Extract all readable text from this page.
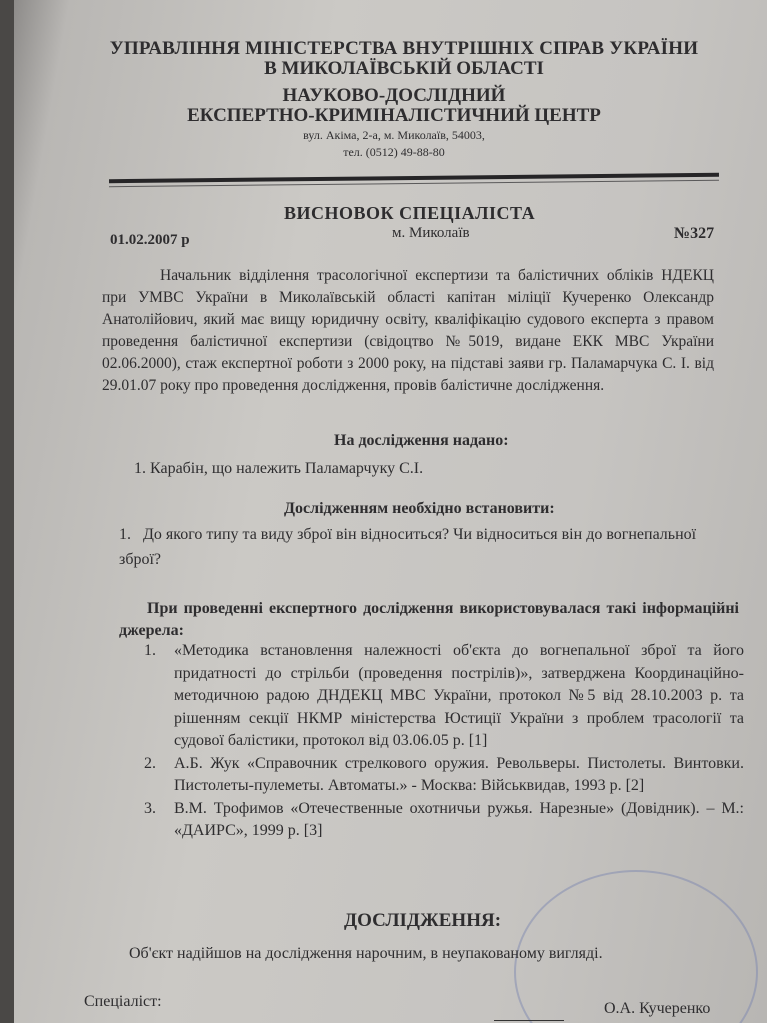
УПРАВЛІННЯ МІНІСТЕРСТВА ВНУТРІШНІХ СПРАВ УКРАЇНИ
В МИКОЛАЇВСЬКІЙ ОБЛАСТІ
НАУКОВО-ДОСЛІДНИЙ
ЕКСПЕРТНО-КРИМІНАЛІСТИЧНИЙ ЦЕНТР
вул. Акіма, 2-а, м. Миколаїв, 54003,
тел. (0512) 49-88-80
ВИСНОВОК СПЕЦІАЛІСТА
01.02.2007 р	м. Миколаїв	№327

Начальник відділення трасологічної експертизи та балістичних обліків НДЕКЦ при УМВС України в Миколаївській області капітан міліції Кучеренко Олександр Анатолійович, який має вищу юридичну освіту, кваліфікацію судового експерта з правом проведення балістичної експертизи (свідоцтво №5019, видане ЕКК МВС України 02.06.2000), стаж експертної роботи з 2000 року, на підставі заяви гр. Паламарчука С. І. від 29.01.07 року про проведення дослідження, провів балістичне дослідження.

На дослідження надано:
1. Карабін, що належить Паламарчуку С.І.
Дослідженням необхідно встановити:
1. До якого типу та виду зброї він відноситься? Чи відноситься він до вогнепальної зброї?

При проведенні експертного дослідження використовувалася такі інформаційні джерела:

1.	«Методика встановлення належності об'єкта до вогнепальної зброї та його придатності до стрільби (проведення пострілів)», затверджена Координаційно-методичною радою ДНДЕКЦ МВС України, протокол №5 від 28.10.2003 р. та рішенням секції НКМР міністерства Юстиції України з проблем трасології та судової балістики, протокол від 03.06.05 р. [1]
2.	А.Б. Жук «Справочник стрелкового оружия. Револьверы. Пистолеты. Винтовки. Пистолеты-пулеметы. Автоматы.» - Москва: Військвидав, 1993 р. [2]
3.	В.М. Трофимов «Отечественные охотничьи ружья. Нарезные» (Довідник). – М.: «ДАИРС», 1999 р. [3]
ДОСЛІДЖЕННЯ:
Об'єкт надійшов на дослідження нарочним, в неупакованому вигляді.
Спеціаліст:	О.А. Кучеренко
